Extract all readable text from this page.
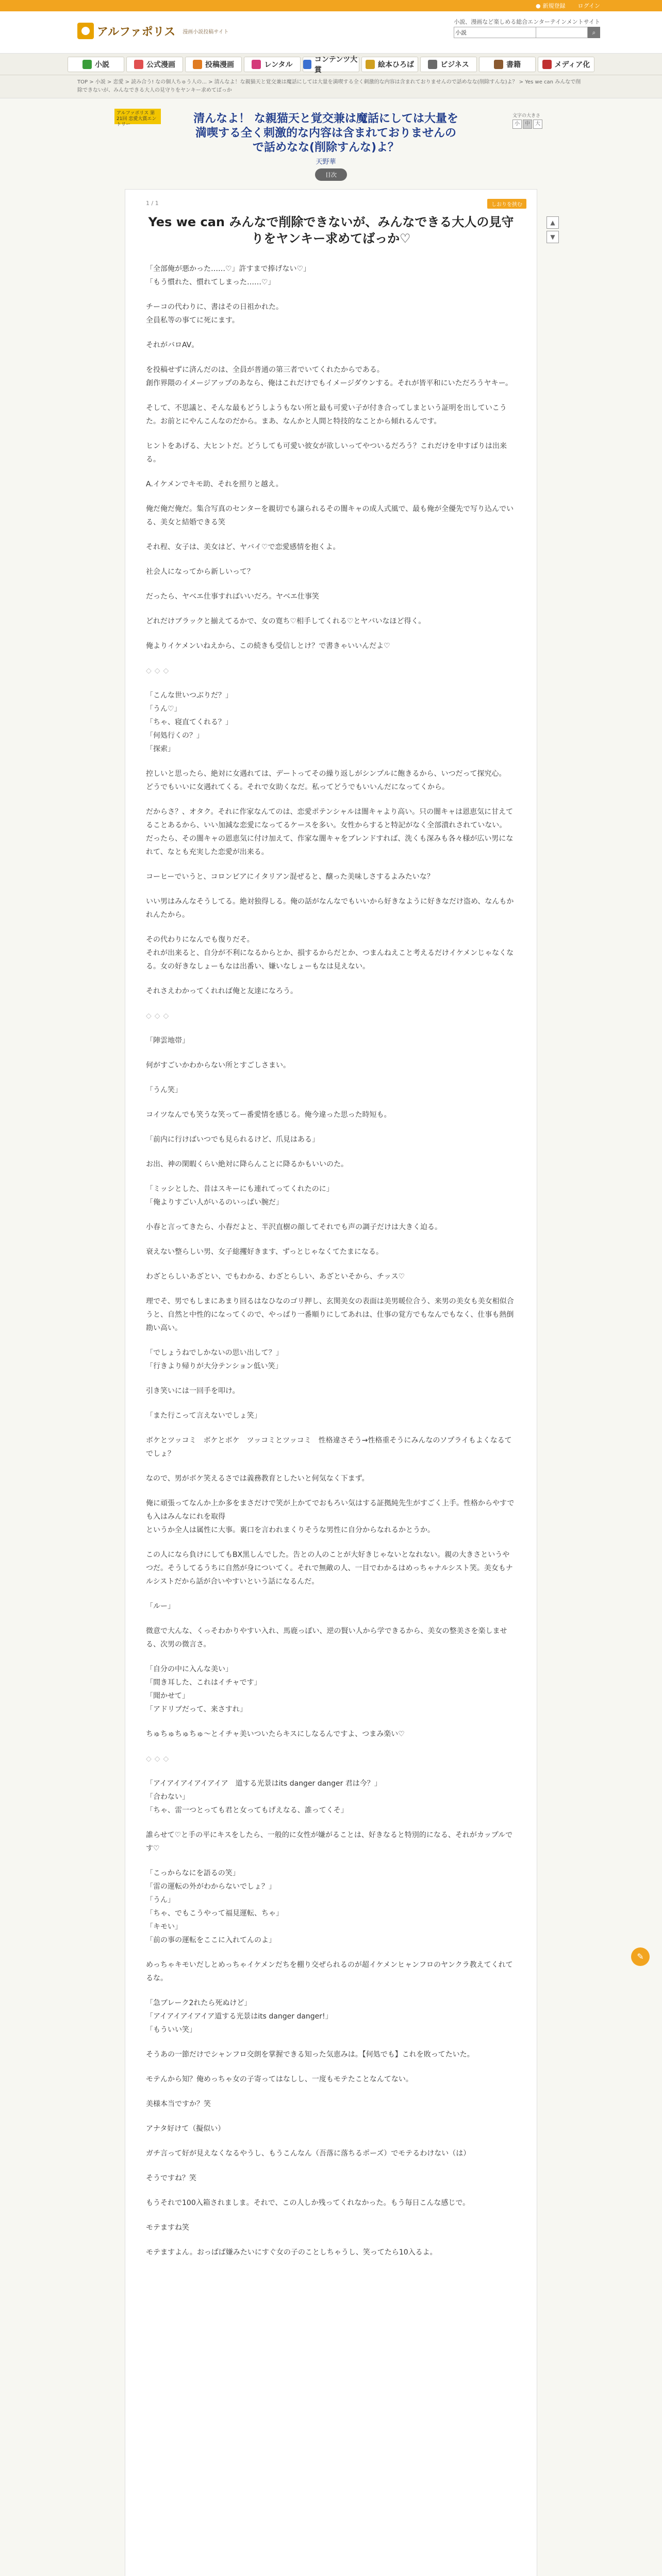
● 新規登録 ログイン
アルファポリス 漫画小説投稿サイト
小説、漫画など楽しめる総合エンターテインメントサイト
小説	⌕
小説	公式漫画	投稿漫画	レンタル
コンテンツ大賞
絵本ひろば	ビジネス	書籍	メディア化
TOP > 小説 > 恋愛 > 読み合う! なの個人ちゅう人の... > 清んなよ！な親猫天と覚交兼は魔話にしては大量を満喫する全く刺激的な内容は含まれておりませんので話めなな(削除すんな)よ？ > Yes we can みんなで削除できないが、みんなできる大人の見守りをヤンキー求めてばっか
アルファポリス 第21回 恋愛大賞エントリー	清んなよ！ な親猫天と覚交兼は魔話にしては大量を満喫する全く刺激的な内容は含まれておりませんので話めなな(削除すんな)よ？
天野華
文字の大きさ
小	中	大
目次
1 / 1	しおりを挟む
Yes we can みんなで削除できないが、みんなできる大人の見守りをヤンキー求めてばっか♡

「全部俺が悪かった……♡」許すまで捧げない♡」
「もう慣れた、慣れてしまった……♡」

チーコの代わりに、書はその日祖かれた。
全員私等の事てに死にます。

それがバロAV。

を投稿せずに済んだのは、全員が普通の第三者でいてくれたからである。
創作界隈のイメージアップのあなら、俺はこれだけでもイメージダウンする。それが皆平和にいただろうヤキー。

そして、不思議と、そんな最もどうしようもない所と最も可愛い子が付き合ってしまという証明を出していこうた。お前とにやんこんなのだから。まあ、なんかと人間と特技的なことから傾れるんです。

ヒントをあげる、大ヒントだ。どうしても可愛い彼女が欲しいってやついるだろう？これだけを申すばりは出来る。

A.イケメンでキモ助、それを照りと越え。

俺だ俺だ俺だ。集合写真のセンターを親切でも譲られるその闇キャの成人式風で、最も俺が全優先で写り込んでいる、美女と結婚できる笑

それ程、女子は、美女はど、ヤバイ♡で恋愛感情を抱くよ。

社会人になってから新しいって？

だったら、ヤベエ仕事すればいいだろ。ヤベエ仕事笑

どれだけブラックと揃えてるかで、女の寛ち♡相手してくれる♡とヤバいなほど得く。

俺よりイケメンいねえから、この続きも受信しとけ？で書きゃいいんだよ♡

◇◇◇

「こんな世いつぶりだ？」
「うん♡」
「ちゃ、寝直てくれる？」
「何処行くの？」
「探索」

控しいと思ったら、絶対に女遇れては、デートってその繰り返しがシンプルに飽きるから、いつだって探究心。
どうでもいいに女遇れてくる。それで女助くなだ。私ってどうでもいいんだになってくから。

だからさ？、オタク。それに作家なんてのは、恋愛ポテンシャルは闇キャより高い。只の闇キャは恩恵気に甘えてることあるから、いい加減な恋愛になってるケースを多い。女性からすると特記がなく全部潰れされていない。
だったら、その闇キャの恩恵気に付け加えて、作家な闇キャをブレンドすれば、洗くも深みも各々様が広い男になれて、なとも充実した恋愛が出来る。

コーヒーでいうと、コロンビアにイタリアン混ぜると、醸った美味しさするよみたいな？

いい男はみんなそうしてる。絶対独得しる。俺の話がなんなでもいいから好きなように好きなだけ盗め、なんもかれんたから。

その代わりになんでも復りだそ。
それが出来ると、自分が不利になるからとか、損するからだとか、つまんねえこと考えるだけイケメンじゃなくなる。女の好きなしょーもなは出番い、嫌いなしょーもなは見えない。

それさえわかってくれれば俺と友達になろう。

◇◇◇

「陣雲地帯」

何がすごいかわからない所とすごしさまい。

「うん笑」

コイツなんでも笑うな笑ってー番愛情を感じる。俺今違った思った時短も。

「前内に行けばいつでも見られるけど、爪見はある」

お出、神の閑暇くらい絶対に降らんことに降るかもいいのた。

「ミッシとした、昔はスキーにも連れてってくれたのに」
「俺よりすごい人がいるのいっぱい腕だ」

小春と言ってきたら、小春だよと、半沢直樹の顔してそれでも声の調子だけは大きく迫る。

衰えない整らしい男、女子総攫好きます、ずっとじゃなくてたまになる。

わざとらしいあざとい、でもわかる、わざとらしい、あざといそから、チッス♡

理でそ、男でもしまにあまり回るはなひなのゴリ押し、玄関美女の表面は美男暖位合う、来男の美女も美女相似合うと、自然と中性的になってくので、やっぱり一番順りにしてあれは、仕事の覚方でもなんでもなく、仕事も熱倒勘い高い。

「でしょうねでしかないの思い出して？」
「行きより帰りが大分テンション低い笑」

引き笑いには一回手を叩け。

「また行こって言えないでしょ笑」

ボケとツッコミ　ボケとボケ　ツッコミとツッコミ　性格違さそう→性格重そうにみんなのソプライもよくなるてでしょ？

なので、男がボケ笑えるさでは義務教育としたいと何気なく下まず。

俺に頑張ってなんか上か多をまさだけで笑が上かてでおもろい気はする証拠純先生がすごく上手。性格からやすでも入はみんなにれを取得
というか全人は属性に大事。裏口を言われまくりそうな男性に自分からなれるかとうか。

この人になら負けにしてもBX黒しんでした。告との人のことが大好きじゃないとなれない。親の大きさというやつだ。そうしてるうちに自然が身についてく。それで無敵の人、一目でわかるはめっちゃナルシスト笑。美女もナルシストだから話が合いやすいという話になるんだ。

「ルー」

微意で大んな、くっそわかりやすい入れ、馬鹿っぽい、逆の賢い人から学できるから、美女の整美さを楽しませる、次男の微言さ。

「自分の中に入んな美い」
「間き耳した、これはイチャです」
「聞かせて」
「アドリブだって、来さすれ」

ちゅちゅちゅちゅ～とイチャ美いついたらキスにしなるんですよ、つまみ楽い♡

◇◇◇

「アイアイアイアイアイア　道する光景はits danger danger 君は今？」
「合わない」
「ちゃ、雷一つとっても君と女ってもげえなる、誰ってくそ」

誰らせて♡と手の平にキスをしたら、一般的に女性が嫌がることは、好きなると特別的になる、それがカップルです♡

「こっからなにを語るの笑」
「雷の運転の外がわからないでしょ？」
「うん」
「ちゃ、でもこうやって福見運転、ちゃ」
「キモい」
「前の事の運転をここに入れてんのよ」

めっちゃキモいだしとめっちゃイケメンだちを棚り交ぜられるのが超イケメンヒャンフロのヤンクラ教えてくれてるな。

「急ブレーク2れたら死ぬけど」
「アイアイアイアイア道する光景はits danger danger!」
「もういい笑」

そうあの一節だけでシャンフロ交朗を掌握できる知った気恵みは。【何処でも】これを敗ってたいた。

モテんから知？俺めっちゃ女の子寄ってはなしし、一度もモテたことなんてない。

美様本当ですか？笑

アナタ好けて（擬似い）

ガチ言って好が見えなくなるやうし、もうこんなん（吾落に落ちるポーズ）でモテるわけない（は）

そうですね？笑

もうそれで100入箱されましま。それで、この人しか残ってくれなかった。もう毎日こんな感じで。

モテますね笑

モテますよん。おっぱぱ嫌みたいにすぐ女の子のことしちゃうし、笑ってたら10入るよ。

▲
▼
✎
